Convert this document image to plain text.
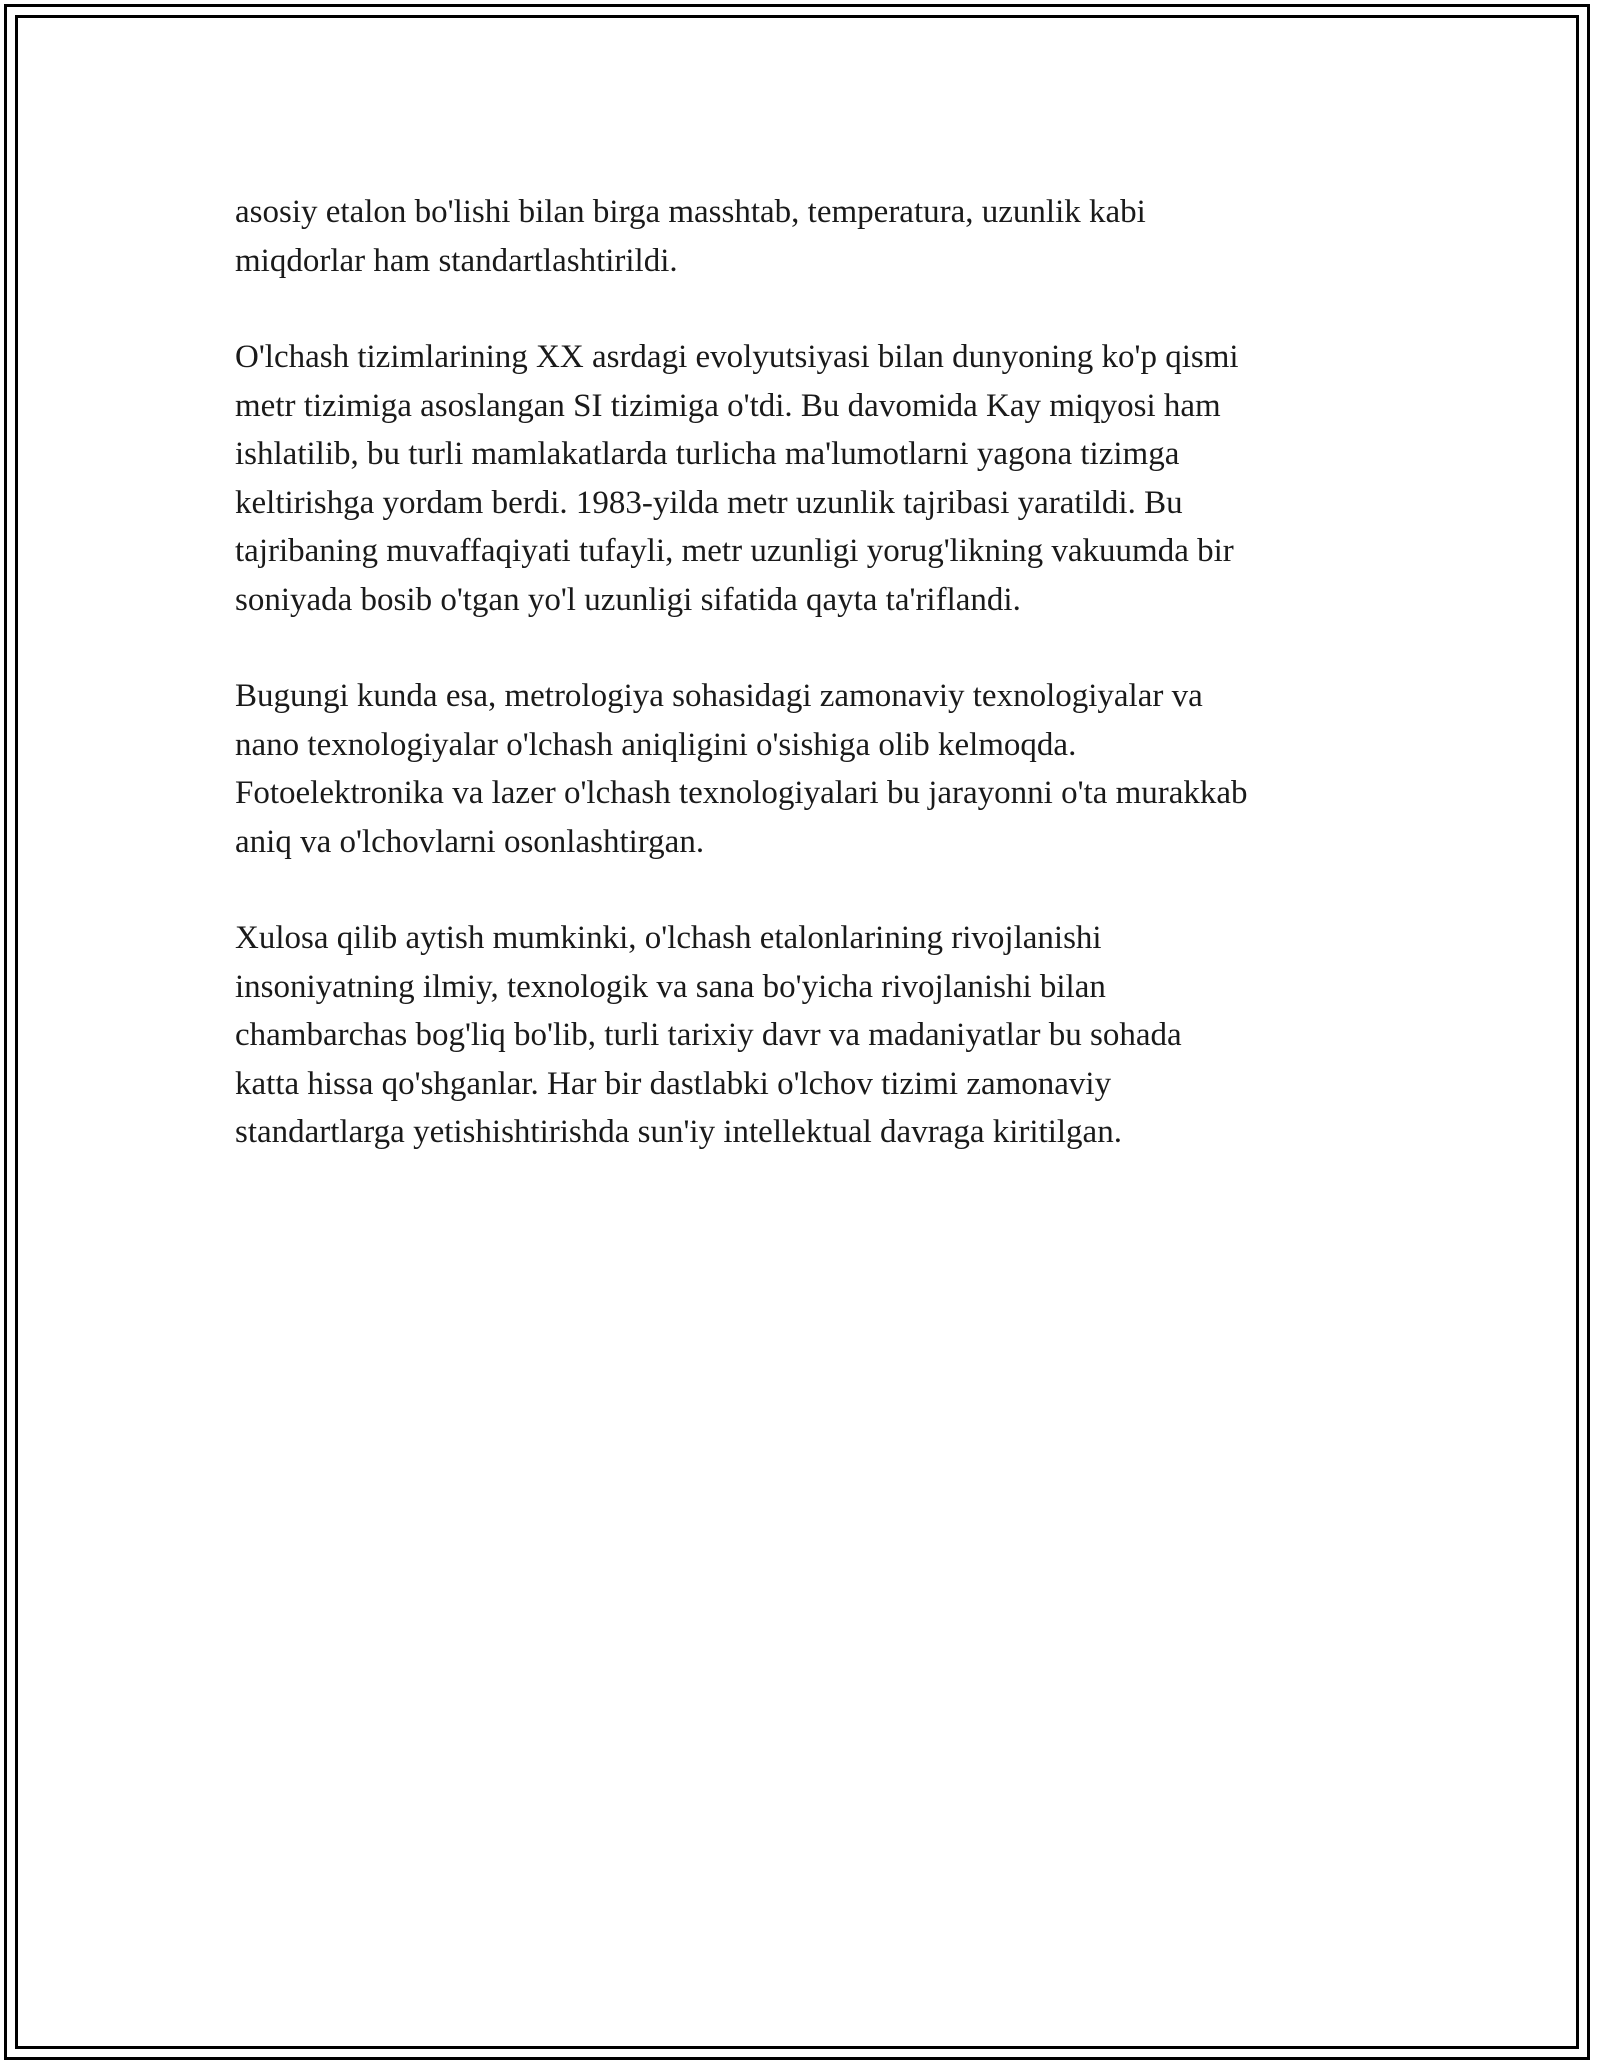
asosiy etalon bo'lishi bilan birga masshtab, temperatura, uzunlik kabi
miqdorlar ham standartlashtirildi.

O'lchash tizimlarining XX asrdagi evolyutsiyasi bilan dunyoning ko'p qismi
metr tizimiga asoslangan SI tizimiga o'tdi. Bu davomida Kay miqyosi ham
ishlatilib, bu turli mamlakatlarda turlicha ma'lumotlarni yagona tizimga
keltirishga yordam berdi. 1983-yilda metr uzunlik tajribasi yaratildi. Bu
tajribaning muvaffaqiyati tufayli, metr uzunligi yorug'likning vakuumda bir
soniyada bosib o'tgan yo'l uzunligi sifatida qayta ta'riflandi.

Bugungi kunda esa, metrologiya sohasidagi zamonaviy texnologiyalar va
nano texnologiyalar o'lchash aniqligini o'sishiga olib kelmoqda.
Fotoelektronika va lazer o'lchash texnologiyalari bu jarayonni o'ta murakkab
aniq va o'lchovlarni osonlashtirgan.

Xulosa qilib aytish mumkinki, o'lchash etalonlarining rivojlanishi
insoniyatning ilmiy, texnologik va sana bo'yicha rivojlanishi bilan
chambarchas bog'liq bo'lib, turli tarixiy davr va madaniyatlar bu sohada
katta hissa qo'shganlar. Har bir dastlabki o'lchov tizimi zamonaviy
standartlarga yetishishtirishda sun'iy intellektual davraga kiritilgan.
